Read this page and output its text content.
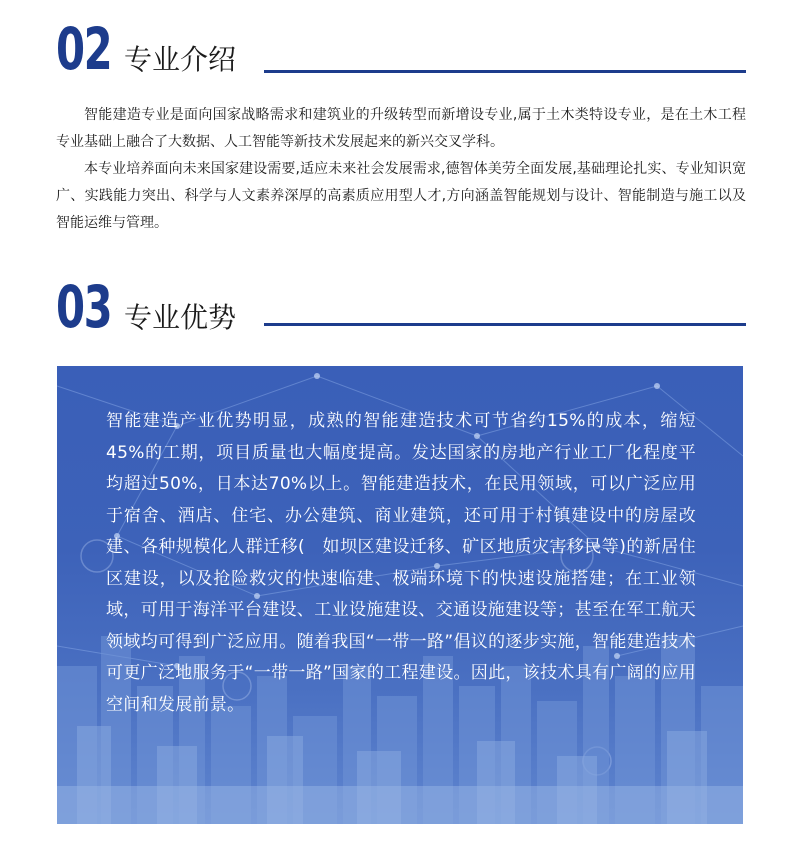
02 专业介绍

智能建造专业是面向国家战略需求和建筑业的升级转型而新增设专业,属于土木类特设专业，是在土木工程专业基础上融合了大数据、人工智能等新技术发展起来的新兴交叉学科。

本专业培养面向未来国家建设需要,适应未来社会发展需求,德智体美劳全面发展,基础理论扎实、专业知识宽广、实践能力突出、科学与人文素养深厚的高素质应用型人才,方向涵盖智能规划与设计、智能制造与施工以及智能运维与管理。

03 专业优势
智能建造产业优势明显，成熟的智能建造技术可节省约15%的成本，缩短45%的工期，项目质量也大幅度提高。发达国家的房地产行业工厂化程度平均超过50%，日本达70%以上。智能建造技术，在民用领域，可以广泛应用于宿舍、酒店、住宅、办公建筑、商业建筑，还可用于村镇建设中的房屋改建、各种规模化人群迁移(　如坝区建设迁移、矿区地质灾害移民等)的新居住区建设，以及抢险救灾的快速临建、极端环境下的快速设施搭建；在工业领域，可用于海洋平台建设、工业设施建设、交通设施建设等；甚至在军工航天领域均可得到广泛应用。随着我国“一带一路”倡议的逐步实施，智能建造技术可更广泛地服务于“一带一路”国家的工程建设。因此，该技术具有广阔的应用空间和发展前景。
